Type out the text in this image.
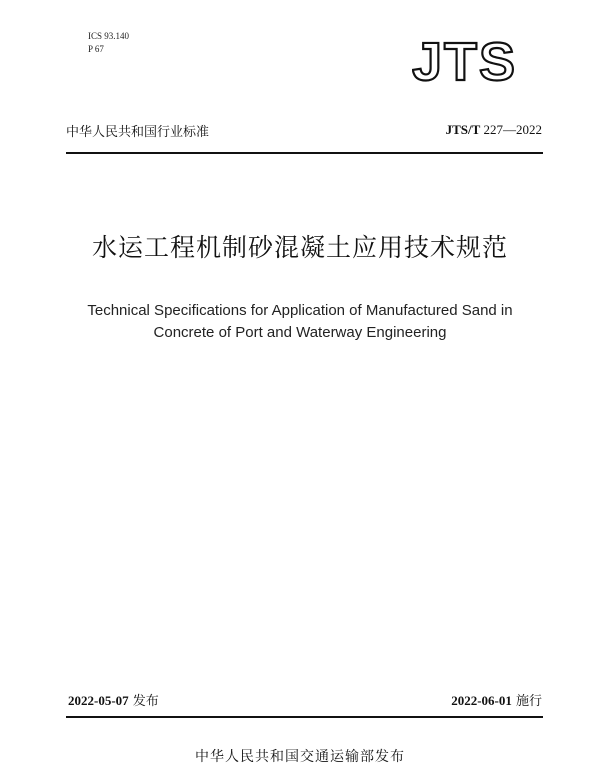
ICS 93.140
P 67	JTS
中华人民共和国行业标准	JTS/T 227—2022
水运工程机制砂混凝土应用技术规范
Technical Specifications for Application of Manufactured Sand in
Concrete of Port and Waterway Engineering
2022-05-07 发布	2022-06-01 施行
中华人民共和国交通运输部发布
